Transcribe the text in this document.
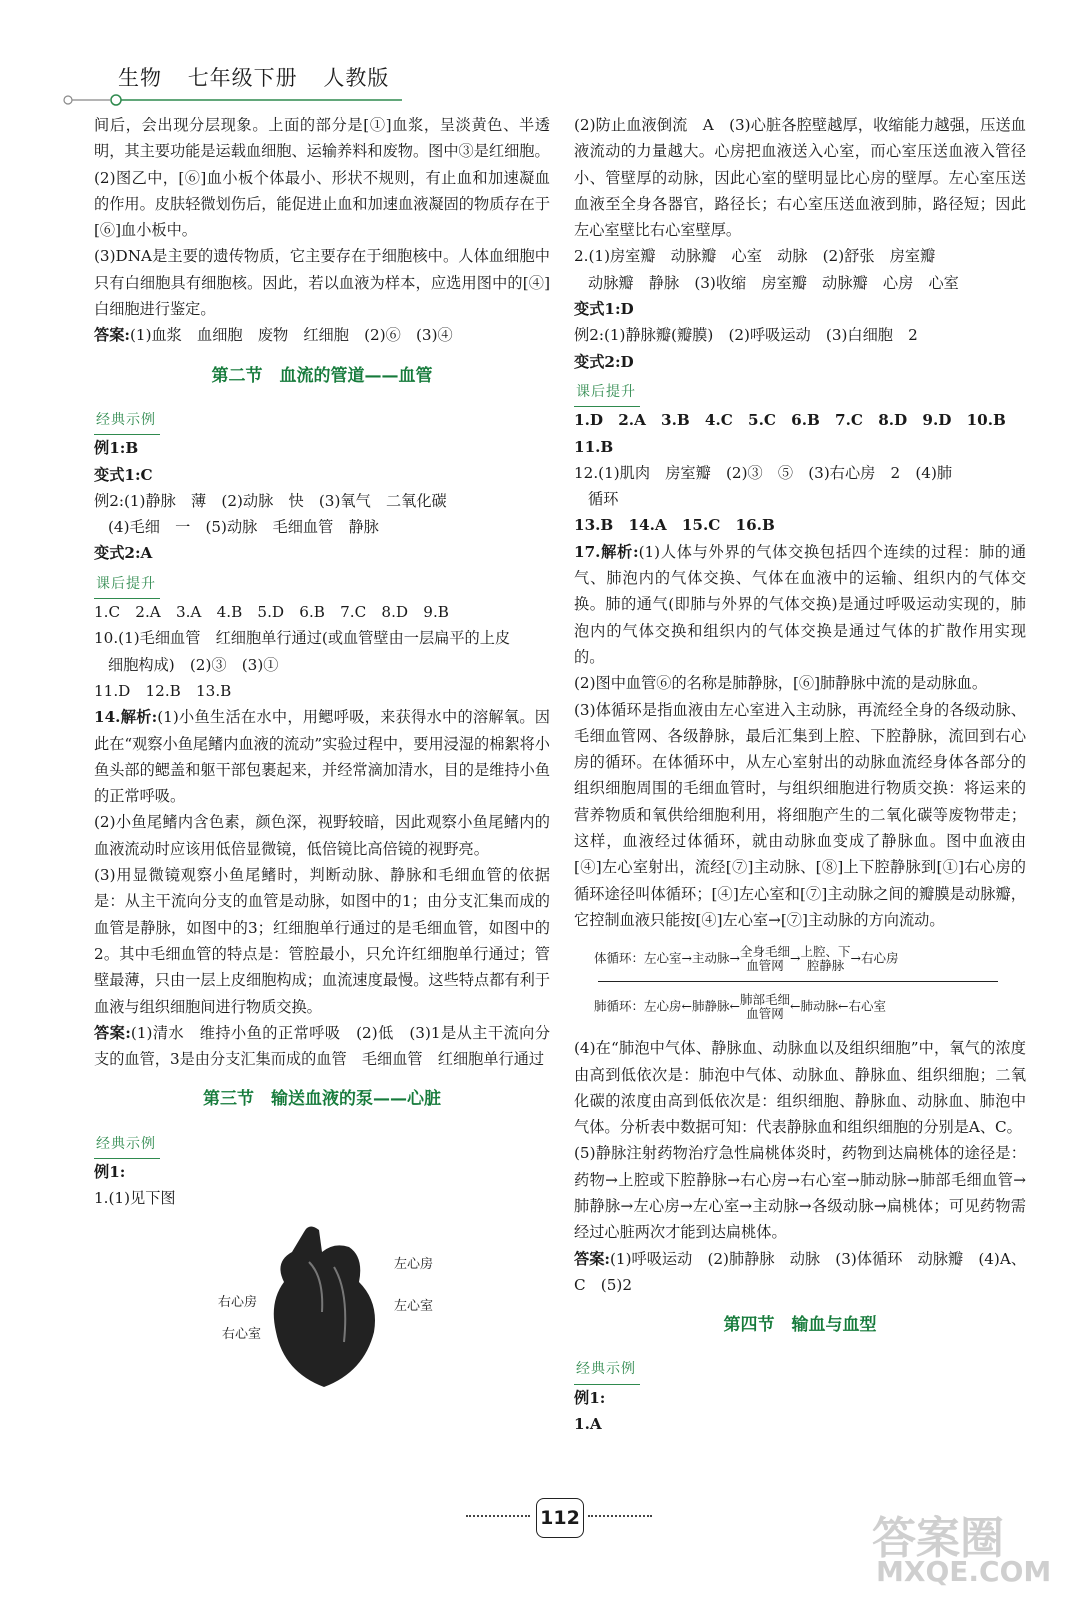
生物 七年级下册 人教版

间后，会出现分层现象。上面的部分是[①]血浆，呈淡黄色、半透明，其主要功能是运载血细胞、运输养料和废物。图中③是红细胞。

(2)图乙中，[⑥]血小板个体最小、形状不规则，有止血和加速凝血的作用。皮肤轻微划伤后，能促进止血和加速血液凝固的物质存在于[⑥]血小板中。

(3)DNA是主要的遗传物质，它主要存在于细胞核中。人体血细胞中只有白细胞具有细胞核。因此，若以血液为样本，应选用图中的[④]白细胞进行鉴定。

答案:(1)血浆　血细胞　废物　红细胞　(2)⑥　(3)④

第二节　血流的管道——血管
经典示例

例1:B

变式1:C

例2:(1)静脉　薄　(2)动脉　快　(3)氧气　二氧化碳

(4)毛细　一　(5)动脉　毛细血管　静脉

变式2:A

课后提升

1.C　2.A　3.A　4.B　5.D　6.B　7.C　8.D　9.B

10.(1)毛细血管　红细胞单行通过(或血管壁由一层扁平的上皮

细胞构成)　(2)③　(3)①

11.D　12.B　13.B

14.解析:(1)小鱼生活在水中，用鳃呼吸，来获得水中的溶解氧。因此在“观察小鱼尾鳍内血液的流动”实验过程中，要用浸湿的棉絮将小鱼头部的鳃盖和躯干部包裹起来，并经常滴加清水，目的是维持小鱼的正常呼吸。

(2)小鱼尾鳍内含色素，颜色深，视野较暗，因此观察小鱼尾鳍内的血液流动时应该用低倍显微镜，低倍镜比高倍镜的视野亮。

(3)用显微镜观察小鱼尾鳍时，判断动脉、静脉和毛细血管的依据是：从主干流向分支的血管是动脉，如图中的1；由分支汇集而成的血管是静脉，如图中的3；红细胞单行通过的是毛细血管，如图中的2。其中毛细血管的特点是：管腔最小，只允许红细胞单行通过；管壁最薄，只由一层上皮细胞构成；血流速度最慢。这些特点都有利于血液与组织细胞间进行物质交换。

答案:(1)清水　维持小鱼的正常呼吸　(2)低　(3)1是从主干流向分支的血管，3是由分支汇集而成的血管　毛细血管　红细胞单行通过

第三节　输送血液的泵——心脏
经典示例

例1:

1.(1)见下图

左心房
右心房	左心室
右心室

(2)防止血液倒流　A　(3)心脏各腔壁越厚，收缩能力越强，压送血液流动的力量越大。心房把血液送入心室，而心室压送血液入管径小、管壁厚的动脉，因此心室的壁明显比心房的壁厚。左心室压送血液至全身各器官，路径长；右心室压送血液到肺，路径短；因此左心室壁比右心室壁厚。

2.(1)房室瓣　动脉瓣　心室　动脉　(2)舒张　房室瓣

动脉瓣　静脉　(3)收缩　房室瓣　动脉瓣　心房　心室

变式1:D

例2:(1)静脉瓣(瓣膜)　(2)呼吸运动　(3)白细胞　2

变式2:D

课后提升

1.D　2.A　3.B　4.C　5.C　6.B　7.C　8.D　9.D　10.B

11.B

12.(1)肌肉　房室瓣　(2)③　⑤　(3)右心房　2　(4)肺

循环

13.B　14.A　15.C　16.B

17.解析:(1)人体与外界的气体交换包括四个连续的过程：肺的通气、肺泡内的气体交换、气体在血液中的运输、组织内的气体交换。肺的通气(即肺与外界的气体交换)是通过呼吸运动实现的，肺泡内的气体交换和组织内的气体交换是通过气体的扩散作用实现的。

(2)图中血管⑥的名称是肺静脉，[⑥]肺静脉中流的是动脉血。

(3)体循环是指血液由左心室进入主动脉，再流经全身的各级动脉、毛细血管网、各级静脉，最后汇集到上腔、下腔静脉，流回到右心房的循环。在体循环中，从左心室射出的动脉血流经身体各部分的组织细胞周围的毛细血管时，与组织细胞进行物质交换：将运来的营养物质和氧供给细胞利用，将细胞产生的二氧化碳等废物带走；这样，血液经过体循环，就由动脉血变成了静脉血。图中血液由[④]左心室射出，流经[⑦]主动脉、[⑧]上下腔静脉到[①]右心房的循环途径叫体循环；[④]左心室和[⑦]主动脉之间的瓣膜是动脉瓣，它控制血液只能按[④]左心室→[⑦]主动脉的方向流动。

体循环：左心室→主动脉→全身毛细
血管网 →上腔、下
腔静脉 →右心房
肺循环：左心房←肺静脉←肺部毛细
血管网 ←肺动脉←右心室

(4)在“肺泡中气体、静脉血、动脉血以及组织细胞”中，氧气的浓度由高到低依次是：肺泡中气体、动脉血、静脉血、组织细胞；二氧化碳的浓度由高到低依次是：组织细胞、静脉血、动脉血、肺泡中气体。分析表中数据可知：代表静脉血和组织细胞的分别是A、C。

(5)静脉注射药物治疗急性扁桃体炎时，药物到达扁桃体的途径是：药物→上腔或下腔静脉→右心房→右心室→肺动脉→肺部毛细血管→肺静脉→左心房→左心室→主动脉→各级动脉→扁桃体；可见药物需经过心脏两次才能到达扁桃体。

答案:(1)呼吸运动　(2)肺静脉　动脉　(3)体循环　动脉瓣　(4)A、C　(5)2

第四节　输血与血型
经典示例

例1:

1.A

112	答案圈
MXQE.COM
